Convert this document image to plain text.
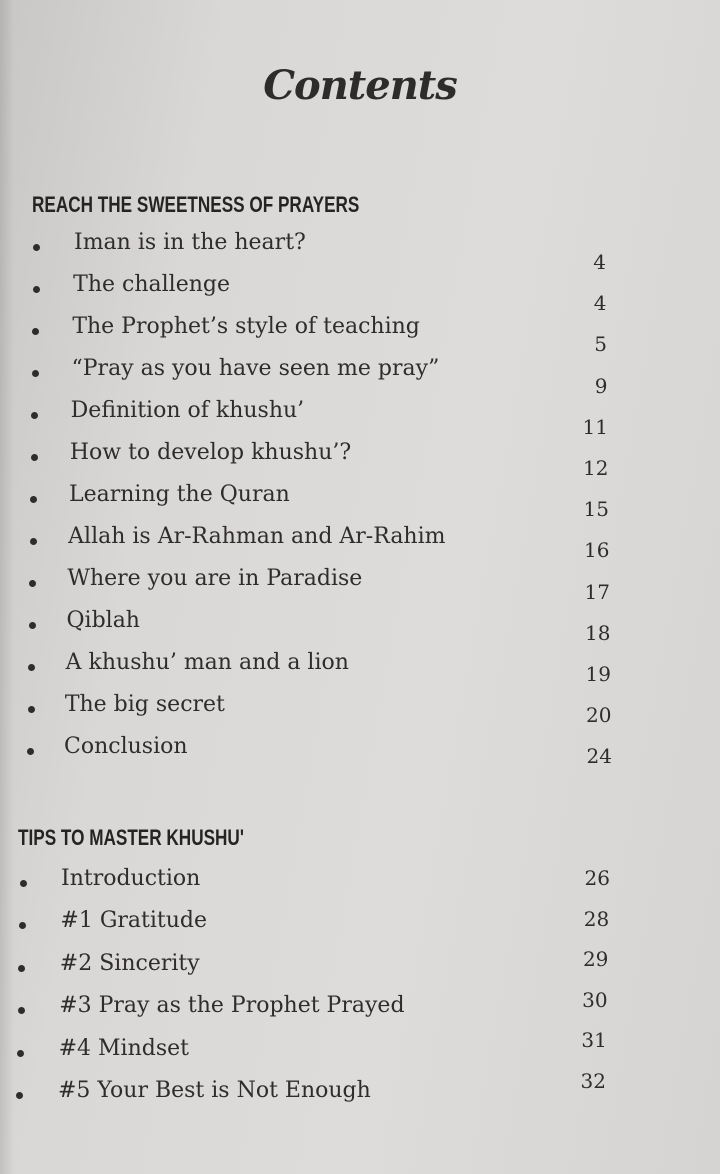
Contents
REACH THE SWEETNESS OF PRAYERS
TIPS TO MASTER KHUSHU'
Iman is in the heart?
4
The challenge
4
The Prophet’s style of teaching
5
“Pray as you have seen me pray”
9
Definition of khushu’
11
How to develop khushu’?
12
Learning the Quran
15
Allah is Ar-Rahman and Ar-Rahim
16
Where you are in Paradise
17
Qiblah	18
A khushu’ man and a lion	19
The big secret	20
Conclusion	24
Introduction	26
#1 Gratitude	28
#2 Sincerity	29
#3 Pray as the Prophet Prayed	30
#4 Mindset	31
#5 Your Best is Not Enough	32
